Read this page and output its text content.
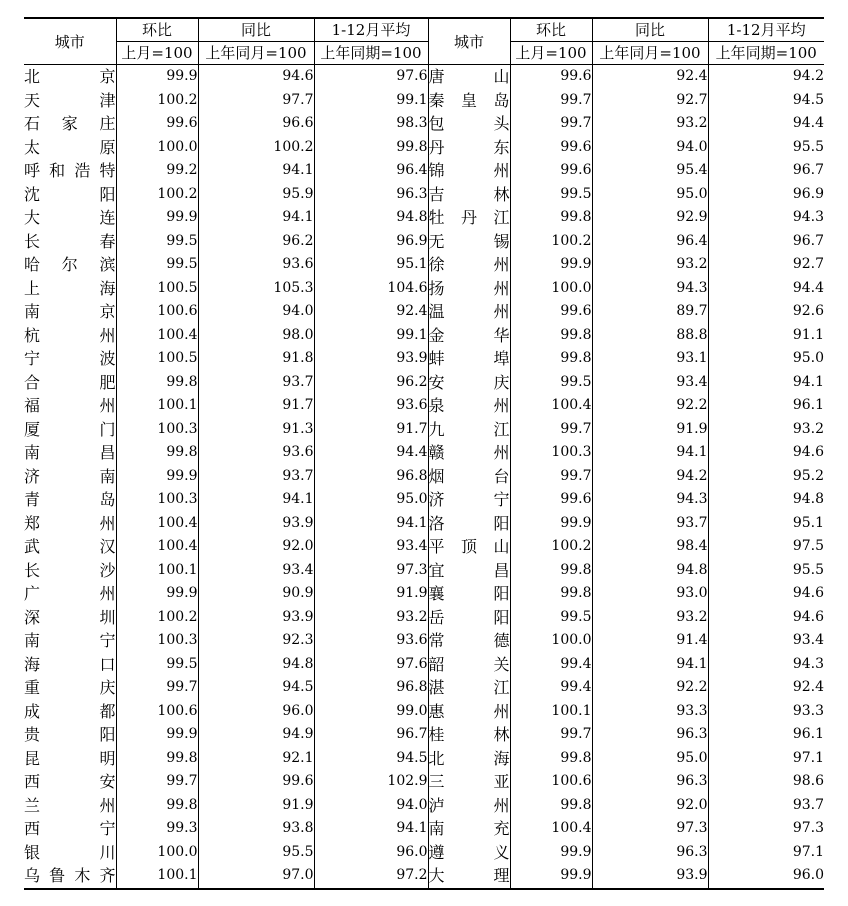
城市	环比	同比	1-12月平均	城市	环比	同比	1-12月平均
	上月=100	上年同月=100	上年同期=100		上月=100	上年同月=100	上年同期=100
北京	99.9	94.6	97.6	唐山	99.6	92.4	94.2
天津	100.2	97.7	99.1	秦皇岛	99.7	92.7	94.5
石家庄	99.6	96.6	98.3	包头	99.7	93.2	94.4
太原	100.0	100.2	99.8	丹东	99.6	94.0	95.5
呼和浩特	99.2	94.1	96.4	锦州	99.6	95.4	96.7
沈阳	100.2	95.9	96.3	吉林	99.5	95.0	96.9
大连	99.9	94.1	94.8	牡丹江	99.8	92.9	94.3
长春	99.5	96.2	96.9	无锡	100.2	96.4	96.7
哈尔滨	99.5	93.6	95.1	徐州	99.9	93.2	92.7
上海	100.5	105.3	104.6	扬州	100.0	94.3	94.4
南京	100.6	94.0	92.4	温州	99.6	89.7	92.6
杭州	100.4	98.0	99.1	金华	99.8	88.8	91.1
宁波	100.5	91.8	93.9	蚌埠	99.8	93.1	95.0
合肥	99.8	93.7	96.2	安庆	99.5	93.4	94.1
福州	100.1	91.7	93.6	泉州	100.4	92.2	96.1
厦门	100.3	91.3	91.7	九江	99.7	91.9	93.2
南昌	99.8	93.6	94.4	赣州	100.3	94.1	94.6
济南	99.9	93.7	96.8	烟台	99.7	94.2	95.2
青岛	100.3	94.1	95.0	济宁	99.6	94.3	94.8
郑州	100.4	93.9	94.1	洛阳	99.9	93.7	95.1
武汉	100.4	92.0	93.4	平顶山	100.2	98.4	97.5
长沙	100.1	93.4	97.3	宜昌	99.8	94.8	95.5
广州	99.9	90.9	91.9	襄阳	99.8	93.0	94.6
深圳	100.2	93.9	93.2	岳阳	99.5	93.2	94.6
南宁	100.3	92.3	93.6	常德	100.0	91.4	93.4
海口	99.5	94.8	97.6	韶关	99.4	94.1	94.3
重庆	99.7	94.5	96.8	湛江	99.4	92.2	92.4
成都	100.6	96.0	99.0	惠州	100.1	93.3	93.3
贵阳	99.9	94.9	96.7	桂林	99.7	96.3	96.1
昆明	99.8	92.1	94.5	北海	99.8	95.0	97.1
西安	99.7	99.6	102.9	三亚	100.6	96.3	98.6
兰州	99.8	91.9	94.0	泸州	99.8	92.0	93.7
西宁	99.3	93.8	94.1	南充	100.4	97.3	97.3
银川	100.0	95.5	96.0	遵义	99.9	96.3	97.1
乌鲁木齐	100.1	97.0	97.2	大理	99.9	93.9	96.0
